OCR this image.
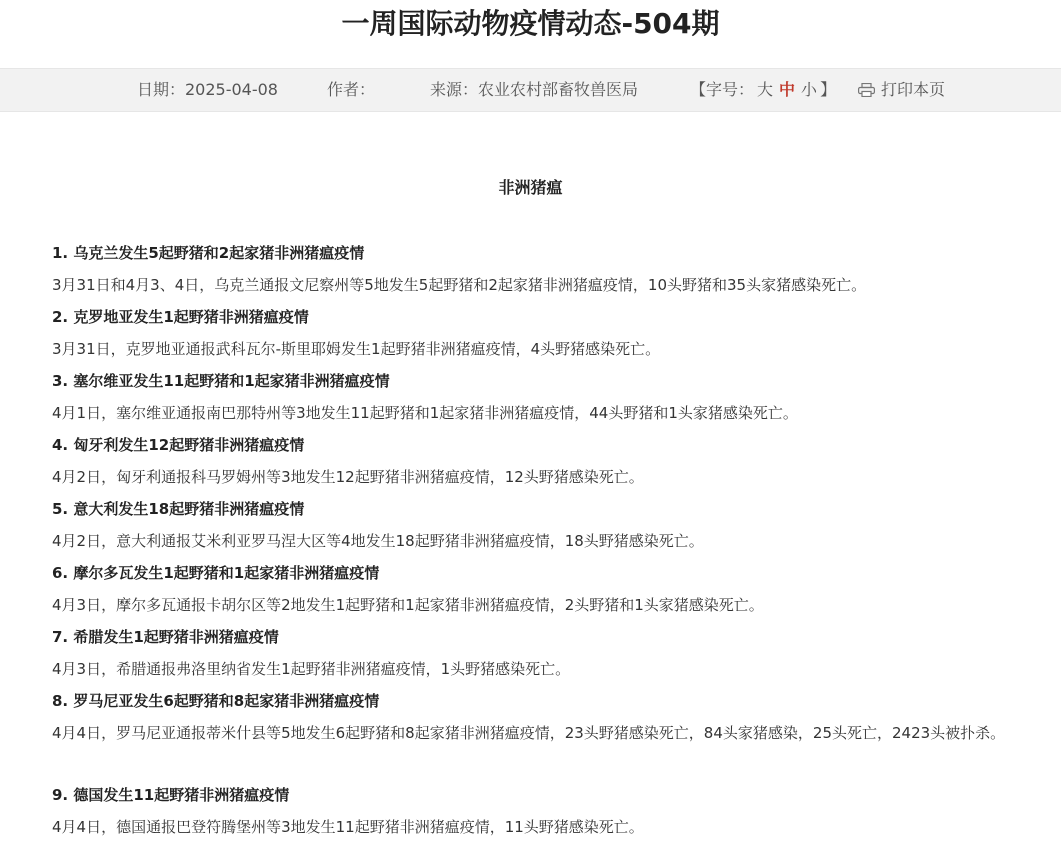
一周国际动物疫情动态-504期
日期：2025-04-08	作者：	来源：农业农村部畜牧兽医局	【字号： 大 中 小 】	打印本页
非洲猪瘟

1. 乌克兰发生5起野猪和2起家猪非洲猪瘟疫情

3月31日和4月3、4日，乌克兰通报文尼察州等5地发生5起野猪和2起家猪非洲猪瘟疫情，10头野猪和35头家猪感染死亡。

2. 克罗地亚发生1起野猪非洲猪瘟疫情

3月31日，克罗地亚通报武科瓦尔-斯里耶姆发生1起野猪非洲猪瘟疫情，4头野猪感染死亡。

3. 塞尔维亚发生11起野猪和1起家猪非洲猪瘟疫情

4月1日，塞尔维亚通报南巴那特州等3地发生11起野猪和1起家猪非洲猪瘟疫情，44头野猪和1头家猪感染死亡。

4. 匈牙利发生12起野猪非洲猪瘟疫情

4月2日，匈牙利通报科马罗姆州等3地发生12起野猪非洲猪瘟疫情，12头野猪感染死亡。

5. 意大利发生18起野猪非洲猪瘟疫情

4月2日，意大利通报艾米利亚罗马涅大区等4地发生18起野猪非洲猪瘟疫情，18头野猪感染死亡。

6. 摩尔多瓦发生1起野猪和1起家猪非洲猪瘟疫情

4月3日，摩尔多瓦通报卡胡尔区等2地发生1起野猪和1起家猪非洲猪瘟疫情，2头野猪和1头家猪感染死亡。

7. 希腊发生1起野猪非洲猪瘟疫情

4月3日，希腊通报弗洛里纳省发生1起野猪非洲猪瘟疫情，1头野猪感染死亡。

8. 罗马尼亚发生6起野猪和8起家猪非洲猪瘟疫情

4月4日，罗马尼亚通报蒂米什县等5地发生6起野猪和8起家猪非洲猪瘟疫情，23头野猪感染死亡，84头家猪感染，25头死亡，2423头被扑杀。

9. 德国发生11起野猪非洲猪瘟疫情

4月4日，德国通报巴登符腾堡州等3地发生11起野猪非洲猪瘟疫情，11头野猪感染死亡。
